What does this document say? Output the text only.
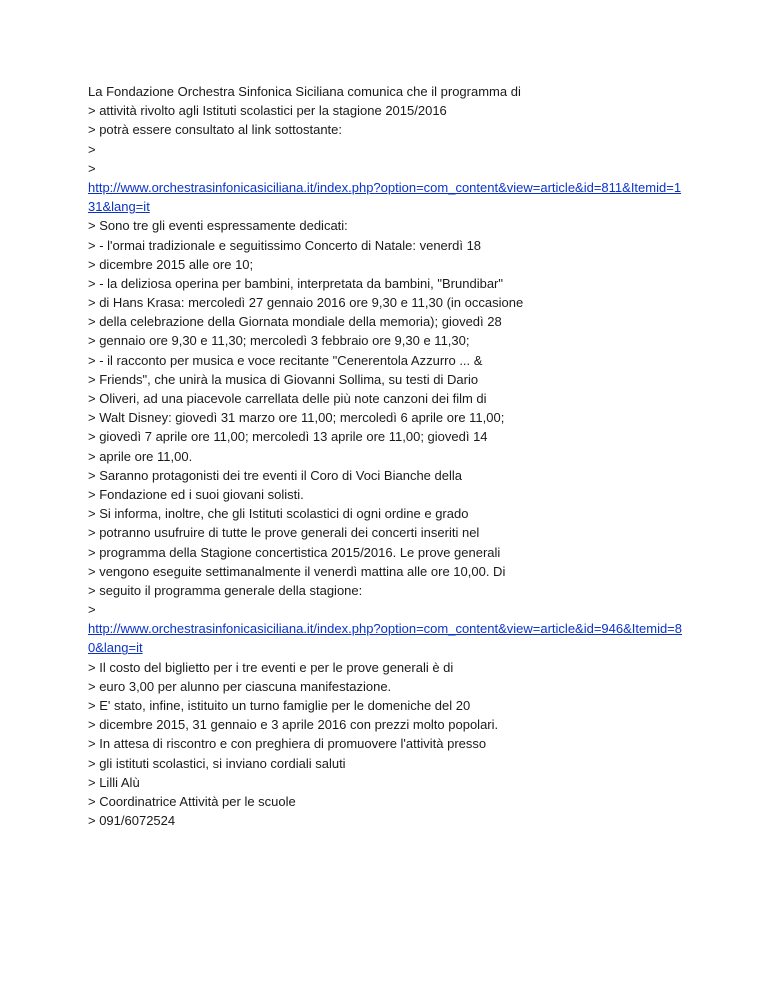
La Fondazione Orchestra Sinfonica Siciliana comunica che il programma di
> attività rivolto agli Istituti scolastici per la stagione 2015/2016
> potrà essere consultato al link sottostante:
>
>
http://www.orchestrasinfonicasiciliana.it/index.php?option=com_content&view=article&id=811&Itemid=1
31&lang=it
> Sono tre gli eventi espressamente dedicati:
> - l'ormai tradizionale e seguitissimo Concerto di Natale: venerdì 18
> dicembre 2015 alle ore 10;
> - la deliziosa operina per bambini, interpretata da bambini, "Brundibar"
> di Hans Krasa: mercoledì 27 gennaio 2016 ore 9,30 e 11,30 (in occasione
> della celebrazione della Giornata mondiale della memoria); giovedì 28
> gennaio ore 9,30 e 11,30; mercoledì 3 febbraio ore 9,30 e 11,30;
> - il racconto per musica e voce recitante "Cenerentola Azzurro ... &
> Friends", che unirà la musica di Giovanni Sollima, su testi di Dario
> Oliveri, ad una piacevole carrellata delle più note canzoni dei film di
> Walt Disney: giovedì 31 marzo ore 11,00; mercoledì 6 aprile ore 11,00;
> giovedì 7 aprile ore 11,00; mercoledì 13 aprile ore 11,00; giovedì 14
> aprile ore 11,00.
> Saranno protagonisti dei tre eventi il Coro di Voci Bianche della
> Fondazione ed i suoi giovani solisti.
> Si informa, inoltre, che gli Istituti scolastici di ogni ordine e grado
> potranno usufruire di tutte le prove generali dei concerti inseriti nel
> programma della Stagione concertistica 2015/2016. Le prove generali
> vengono eseguite settimanalmente il venerdì mattina alle ore 10,00. Di
> seguito il programma generale della stagione:
>
http://www.orchestrasinfonicasiciliana.it/index.php?option=com_content&view=article&id=946&Itemid=8
0&lang=it
> Il costo del biglietto per i tre eventi e per le prove generali è di
> euro 3,00 per alunno per ciascuna manifestazione.
> E' stato, infine, istituito un turno famiglie per le domeniche del 20
> dicembre 2015, 31 gennaio e 3 aprile 2016 con prezzi molto popolari.
> In attesa di riscontro e con preghiera di promuovere l'attività presso
> gli istituti scolastici, si inviano cordiali saluti
> Lilli Alù
> Coordinatrice Attività per le scuole
> 091/6072524
